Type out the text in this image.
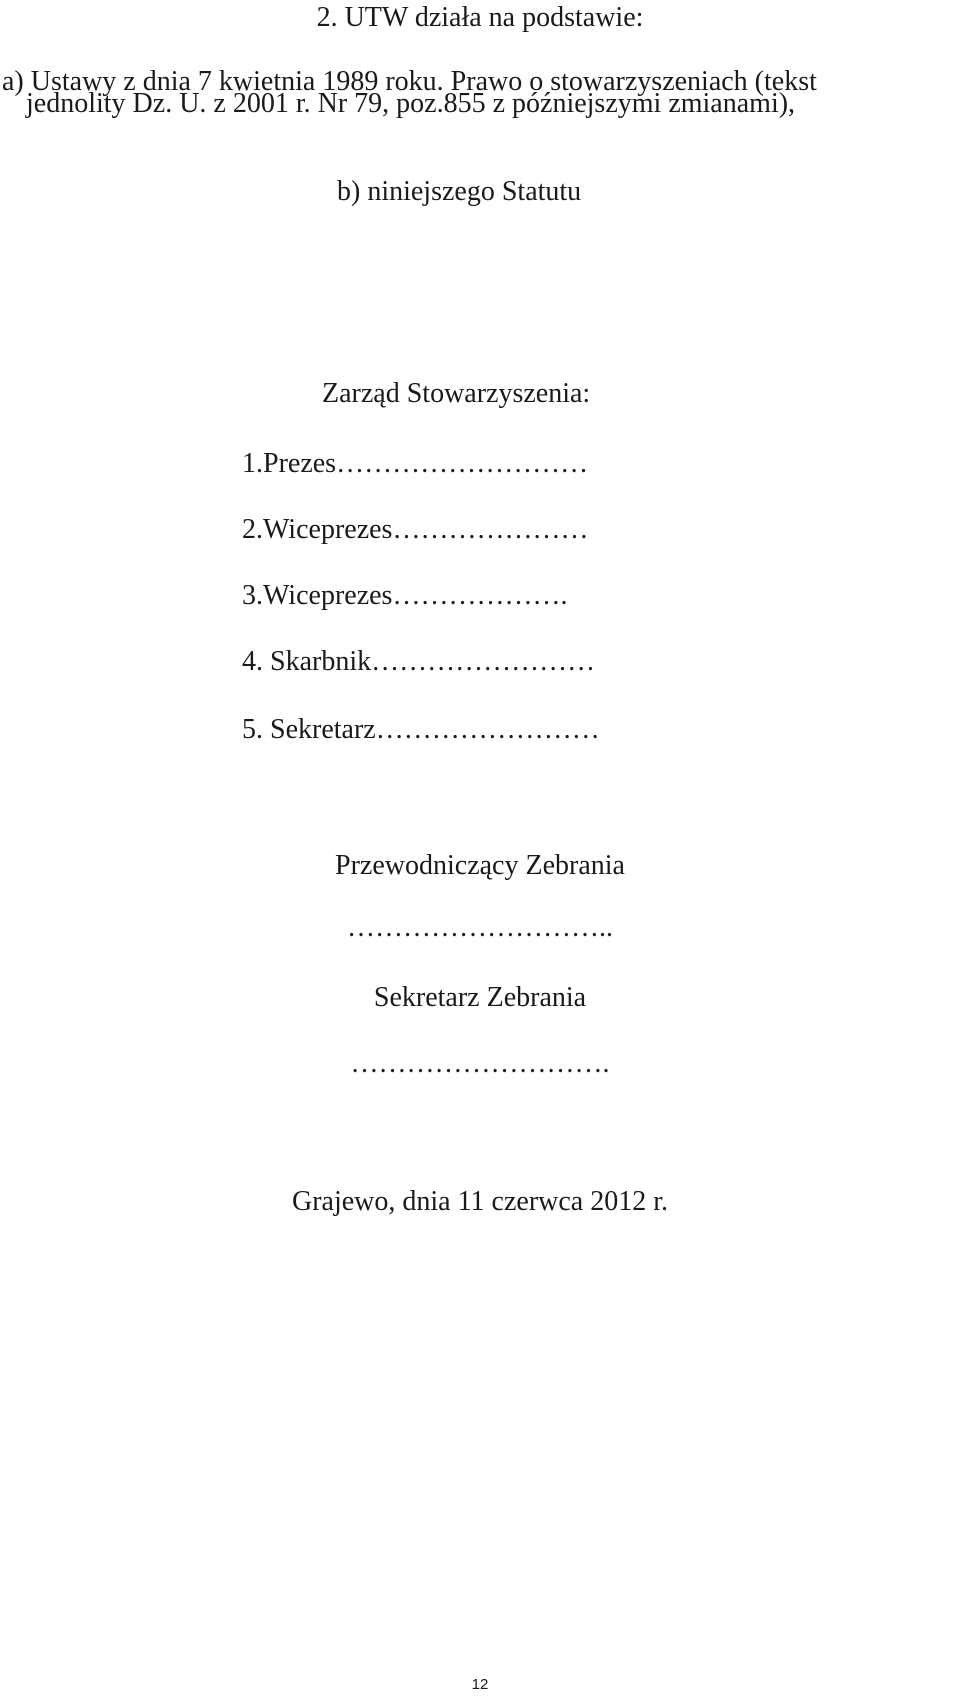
2. UTW działa na podstawie:
a) Ustawy z dnia 7 kwietnia 1989 roku. Prawo o stowarzyszeniach (tekst
jednolity Dz. U. z 2001 r. Nr 79, poz.855 z późniejszymi zmianami),
b) niniejszego Statutu
Zarząd Stowarzyszenia:
1.Prezes………………………
2.Wiceprezes…………………
3.Wiceprezes……………….
4. Skarbnik……………………
5. Sekretarz……………………
Przewodniczący Zebrania
………………………..
Sekretarz Zebrania
……………………….
Grajewo, dnia 11 czerwca 2012 r.
12
